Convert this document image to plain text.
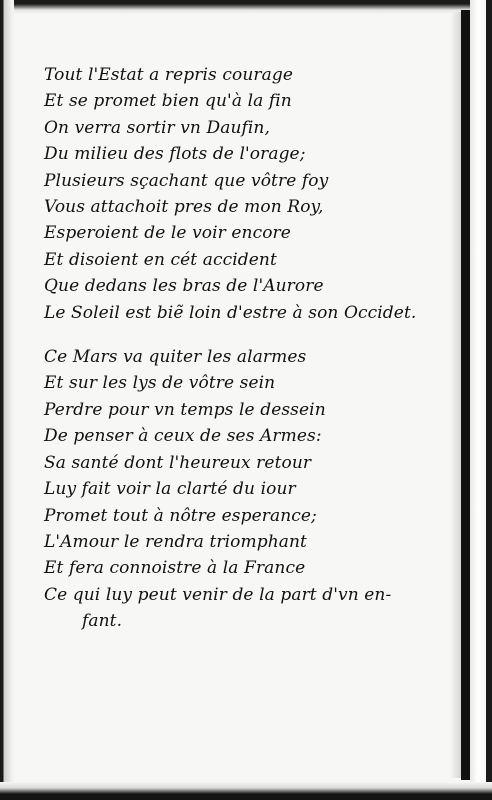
Tout l'Estat a repris courage
Et se promet bien qu'à la fin
On verra sortir vn Daufin,
Du milieu des flots de l'orage;
Plusieurs sçachant que vôtre foy
Vous attachoit pres de mon Roy,
Esperoient de le voir encore
Et disoient en cét accident
Que dedans les bras de l'Aurore
Le Soleil est biẽ loin d'estre à son Occidet.
Ce Mars va quiter les alarmes
Et sur les lys de vôtre sein
Perdre pour vn temps le dessein
De penser à ceux de ses Armes:
Sa santé dont l'heureux retour
Luy fait voir la clarté du iour
Promet tout à nôtre esperance;
L'Amour le rendra triomphant
Et fera connoistre à la France
Ce qui luy peut venir de la part d'vn en-
fant.
